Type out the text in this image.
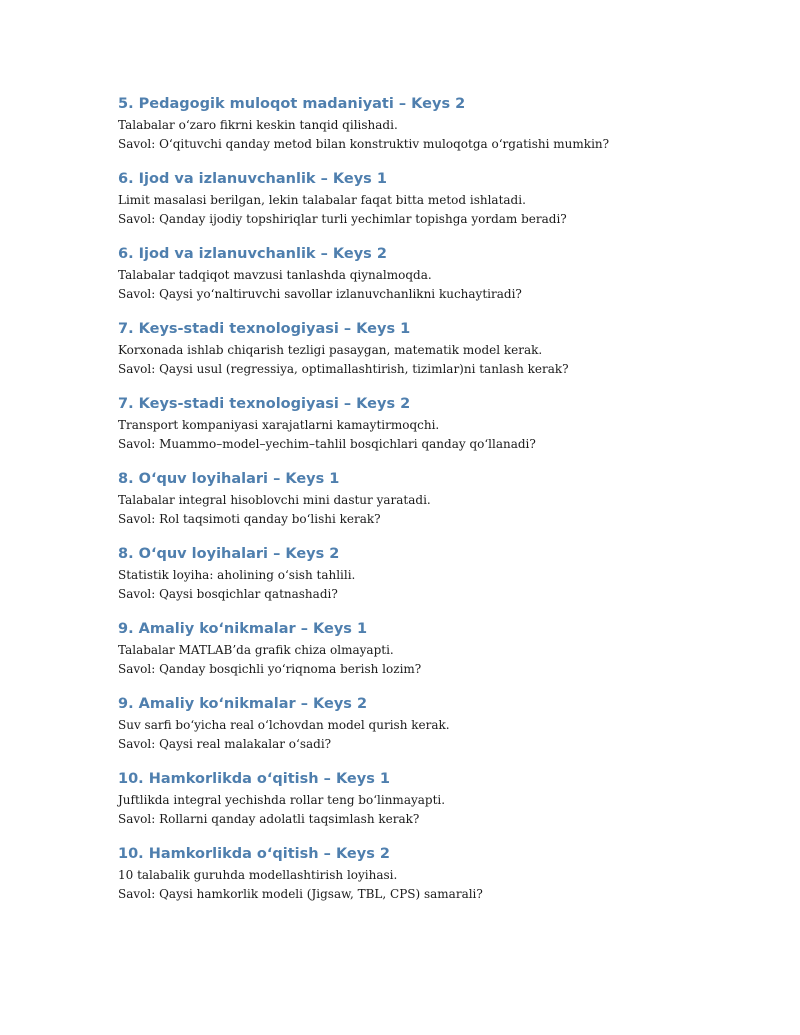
5. Pedagogik muloqot madaniyati – Keys 2
Talabalar o‘zaro fikrni keskin tanqid qilishadi.
Savol: O‘qituvchi qanday metod bilan konstruktiv muloqotga o‘rgatishi mumkin?
6. Ijod va izlanuvchanlik – Keys 1
Limit masalasi berilgan, lekin talabalar faqat bitta metod ishlatadi.
Savol: Qanday ijodiy topshiriqlar turli yechimlar topishga yordam beradi?
6. Ijod va izlanuvchanlik – Keys 2
Talabalar tadqiqot mavzusi tanlashda qiynalmoqda.
Savol: Qaysi yo‘naltiruvchi savollar izlanuvchanlikni kuchaytiradi?
7. Keys-stadi texnologiyasi – Keys 1
Korxonada ishlab chiqarish tezligi pasaygan, matematik model kerak.
Savol: Qaysi usul (regressiya, optimallashtirish, tizimlar)ni tanlash kerak?
7. Keys-stadi texnologiyasi – Keys 2
Transport kompaniyasi xarajatlarni kamaytirmoqchi.
Savol: Muammo–model–yechim–tahlil bosqichlari qanday qo‘llanadi?
8. O‘quv loyihalari – Keys 1
Talabalar integral hisoblovchi mini dastur yaratadi.
Savol: Rol taqsimoti qanday bo‘lishi kerak?
8. O‘quv loyihalari – Keys 2
Statistik loyiha: aholining o‘sish tahlili.
Savol: Qaysi bosqichlar qatnashadi?
9. Amaliy ko‘nikmalar – Keys 1
Talabalar MATLAB’da grafik chiza olmayapti.
Savol: Qanday bosqichli yo‘riqnoma berish lozim?
9. Amaliy ko‘nikmalar – Keys 2
Suv sarfi bo‘yicha real o‘lchovdan model qurish kerak.
Savol: Qaysi real malakalar o‘sadi?
10. Hamkorlikda o‘qitish – Keys 1
Juftlikda integral yechishda rollar teng bo‘linmayapti.
Savol: Rollarni qanday adolatli taqsimlash kerak?
10. Hamkorlikda o‘qitish – Keys 2
10 talabalik guruhda modellashtirish loyihasi.
Savol: Qaysi hamkorlik modeli (Jigsaw, TBL, CPS) samarali?
